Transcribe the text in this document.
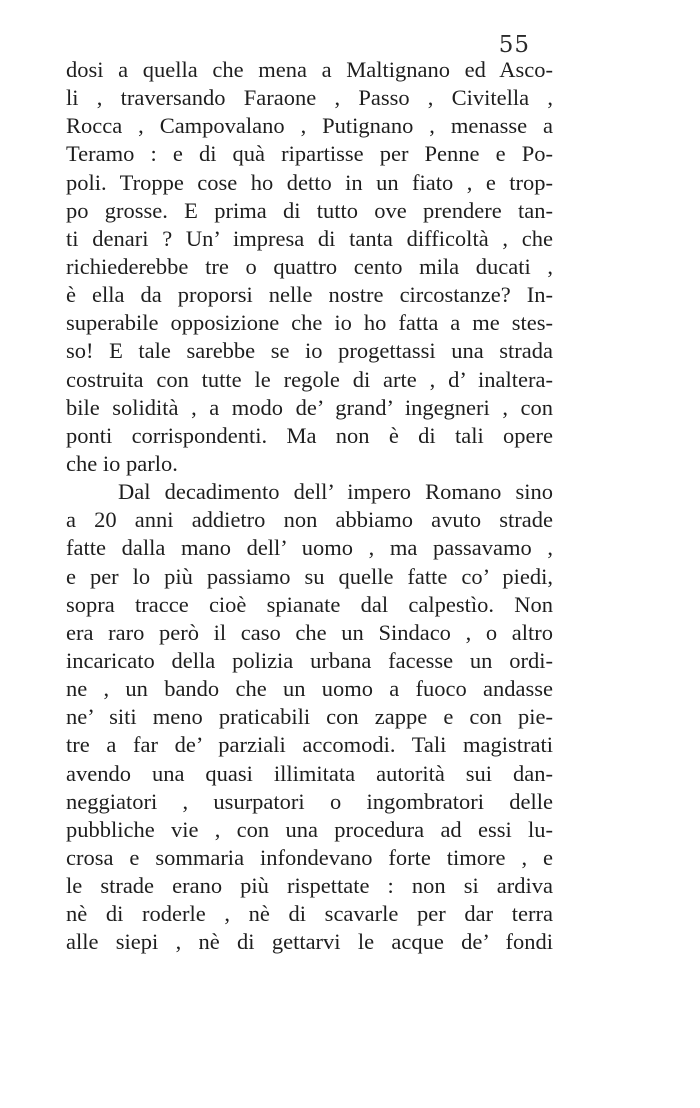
55
dosi a quella che mena a Maltignano ed Asco-
li , traversando Faraone , Passo , Civitella ,
Rocca , Campovalano , Putignano , menasse a
Teramo : e di quà ripartisse per Penne e Po-
poli. Troppe cose ho detto in un fiato , e trop-
po grosse. E prima di tutto ove prendere tan-
ti denari ? Un’ impresa di tanta difficoltà , che
richiederebbe tre o quattro cento mila ducati ,
è ella da proporsi nelle nostre circostanze? In-
superabile opposizione che io ho fatta a me stes-
so! E tale sarebbe se io progettassi una strada
costruita con tutte le regole di arte , d’ inaltera-
bile solidità , a modo de’ grand’ ingegneri , con
ponti corrispondenti. Ma non è di tali opere
che io parlo.
Dal decadimento dell’ impero Romano sino
a 20 anni addietro non abbiamo avuto strade
fatte dalla mano dell’ uomo , ma passavamo ,
e per lo più passiamo su quelle fatte co’ piedi,
sopra tracce cioè spianate dal calpestìo. Non
era raro però il caso che un Sindaco , o altro
incaricato della polizia urbana facesse un ordi-
ne , un bando che un uomo a fuoco andasse
ne’ siti meno praticabili con zappe e con pie-
tre a far de’ parziali accomodi. Tali magistrati
avendo una quasi illimitata autorità sui dan-
neggiatori , usurpatori o ingombratori delle
pubbliche vie , con una procedura ad essi lu-
crosa e sommaria infondevano forte timore , e
le strade erano più rispettate : non si ardiva
nè di roderle , nè di scavarle per dar terra
alle siepi , nè di gettarvi le acque de’ fondi
